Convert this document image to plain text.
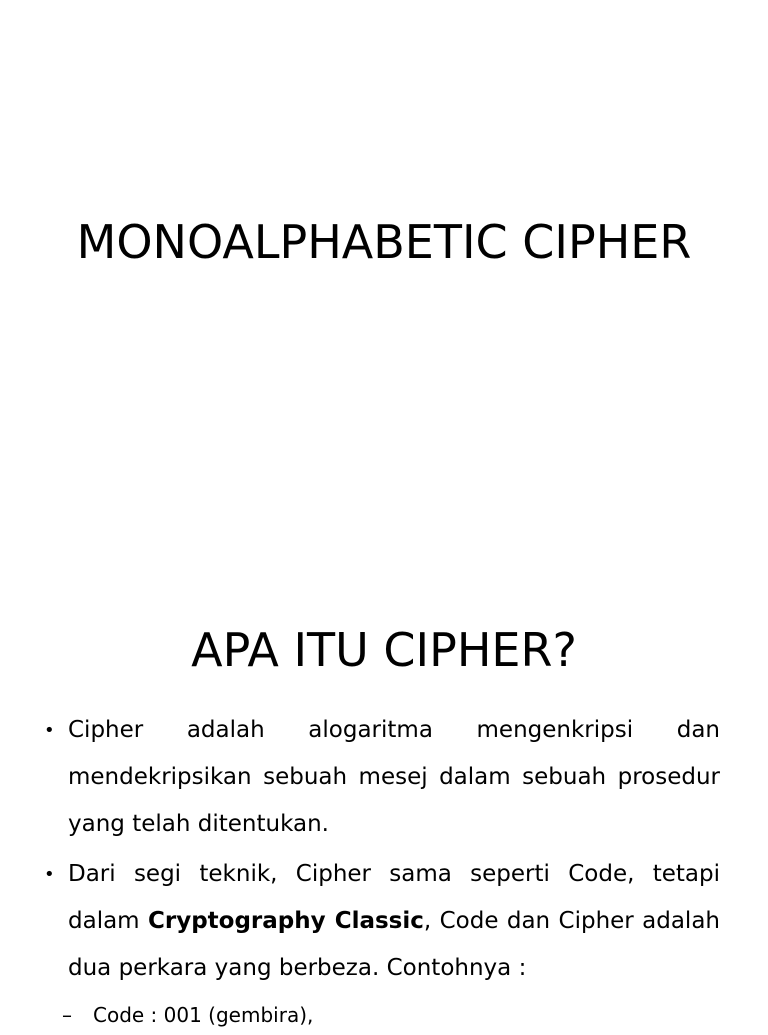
MONOALPHABETIC CIPHER
APA ITU CIPHER?
• Cipher adalah alogaritma mengenkripsi dan mendekripsikan sebuah mesej dalam sebuah prosedur yang telah ditentukan.
• Dari segi teknik, Cipher sama seperti Code, tetapi dalam Cryptography Classic, Code dan Cipher adalah dua perkara yang berbeza. Contohnya :
– Code : 001 (gembira),
